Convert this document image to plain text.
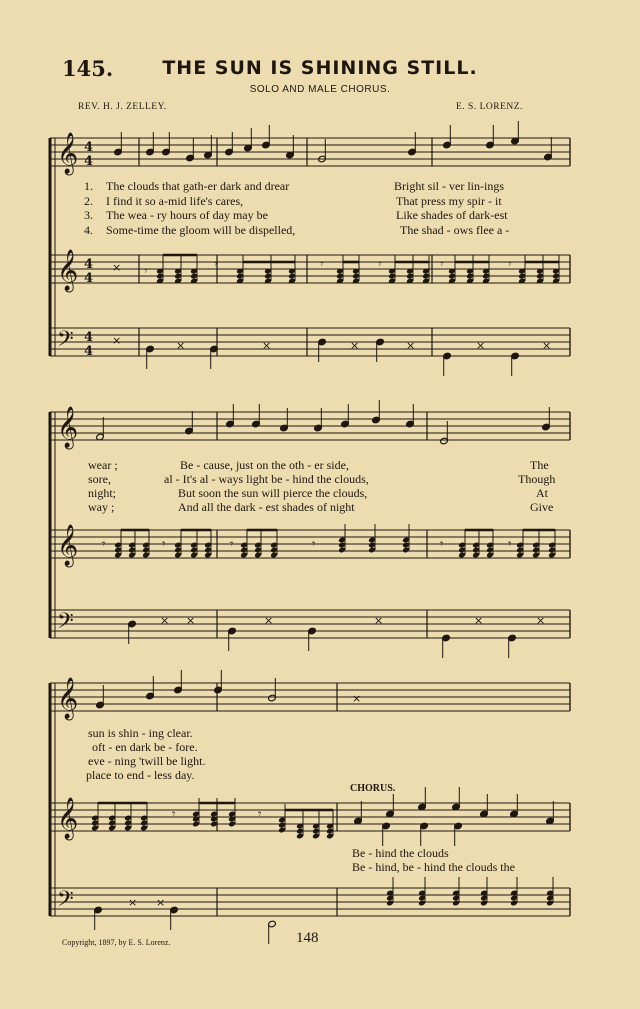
145.	THE SUN IS SHINING STILL.
SOLO AND MALE CHORUS.
REV. H. J. ZELLEY.	E. S. LORENZ.
𝄞 4
4
𝄞 4
4
𝄢 4
4
𝄞
𝄞
𝄢
𝄞
𝄞
𝄢
𝄾	𝄾	𝄾	𝄾	𝄾	𝄾
×
×	×	×	×	×	×	×
𝄾	𝄾	𝄾	𝄾	𝄾	𝄾
× ×	×	×	×	×
×
𝄾	𝄾
× ×
1. The clouds that gath-er dark and drear	Bright sil - ver lin-ings
2. I find it so a-mid life's cares,	That press my spir - it
3. The wea - ry hours of day may be	Like shades of dark-est
4. Some-time the gloom will be dispelled,	The shad - ows flee a -
wear ;	Be - cause, just on the oth - er side,	The
sore,	al - It's al - ways light be - hind the clouds,	Though
night;	But soon the sun will pierce the clouds,	At
way ;	And all the dark - est shades of night	Give
sun is shin - ing clear.
oft - en dark be - fore.
eve - ning 'twill be light.
place to end - less day.
CHORUS.
Be - hind the clouds
Be - hind, be - hind the clouds the
Copyright, 1897, by E. S. Lorenz.	148
